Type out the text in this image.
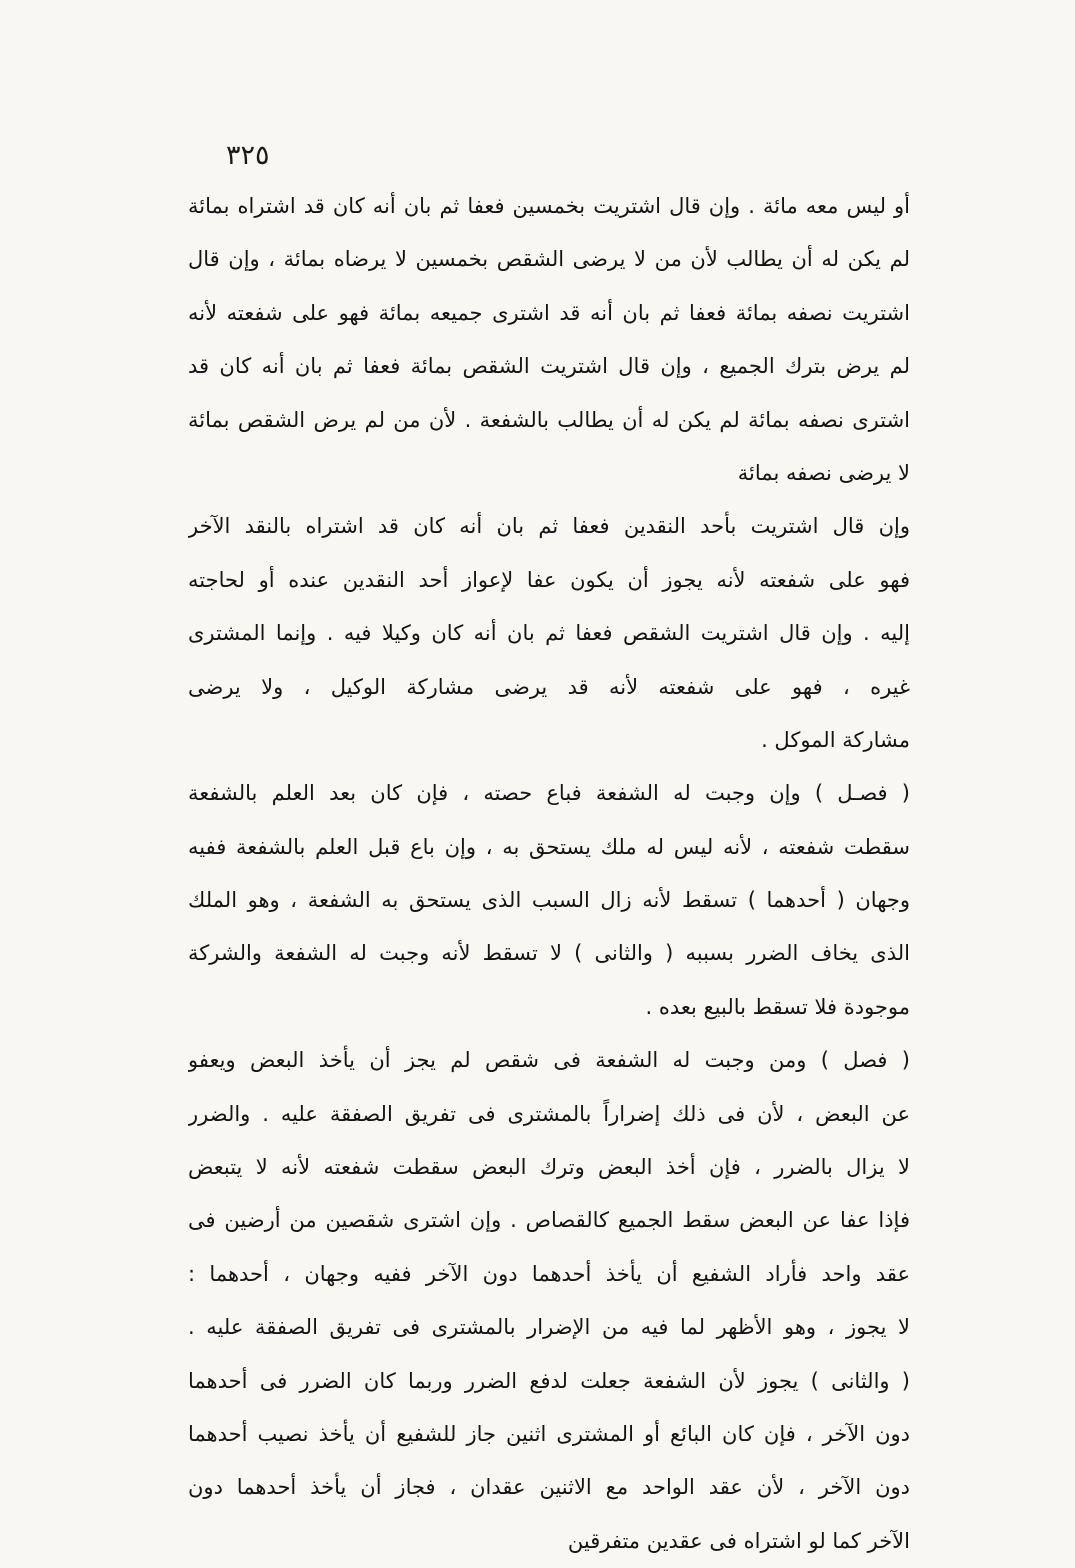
٣٢٥
أو ليس معه مائة . وإن قال اشتريت بخمسين فعفا ثم بان أنه كان قد اشتراه بمائة
لم يكن له أن يطالب لأن من لا يرضى الشقص بخمسين لا يرضاه بمائة ، وإن قال
اشتريت نصفه بمائة فعفا ثم بان أنه قد اشترى جميعه بمائة فهو على شفعته لأنه
لم يرض بترك الجميع ، وإن قال اشتريت الشقص بمائة فعفا ثم بان أنه كان قد
اشترى نصفه بمائة لم يكن له أن يطالب بالشفعة . لأن من لم يرض الشقص بمائة
لا يرضى نصفه بمائة
وإن قال اشتريت بأحد النقدين فعفا ثم بان أنه كان قد اشتراه بالنقد الآخر
فهو على شفعته لأنه يجوز أن يكون عفا لإعواز أحد النقدين عنده أو لحاجته
إليه . وإن قال اشتريت الشقص فعفا ثم بان أنه كان وكيلا فيه . وإنما المشترى
غيره ، فهو على شفعته لأنه قد يرضى مشاركة الوكيل ، ولا يرضى
مشاركة الموكل .
( فصـل ) وإن وجبت له الشفعة فباع حصته ، فإن كان بعد العلم بالشفعة
سقطت شفعته ، لأنه ليس له ملك يستحق به ، وإن باع قبل العلم بالشفعة ففيه
وجهان ( أحدهما ) تسقط لأنه زال السبب الذى يستحق به الشفعة ، وهو الملك
الذى يخاف الضرر بسببه ( والثانى ) لا تسقط لأنه وجبت له الشفعة والشركة
موجودة فلا تسقط بالبيع بعده .
( فصل ) ومن وجبت له الشفعة فى شقص لم يجز أن يأخذ البعض ويعفو
عن البعض ، لأن فى ذلك إضراراً بالمشترى فى تفريق الصفقة عليه . والضرر
لا يزال بالضرر ، فإن أخذ البعض وترك البعض سقطت شفعته لأنه لا يتبعض
فإذا عفا عن البعض سقط الجميع كالقصاص . وإن اشترى شقصين من أرضين فى
عقد واحد فأراد الشفيع أن يأخذ أحدهما دون الآخر ففيه وجهان ، أحدهما :
لا يجوز ، وهو الأظهر لما فيه من الإضرار بالمشترى فى تفريق الصفقة عليه .
( والثانى ) يجوز لأن الشفعة جعلت لدفع الضرر وربما كان الضرر فى أحدهما
دون الآخر ، فإن كان البائع أو المشترى اثنين جاز للشفيع أن يأخذ نصيب أحدهما
دون الآخر ، لأن عقد الواحد مع الاثنين عقدان ، فجاز أن يأخذ أحدهما دون
الآخر كما لو اشتراه فى عقدين متفرقين
